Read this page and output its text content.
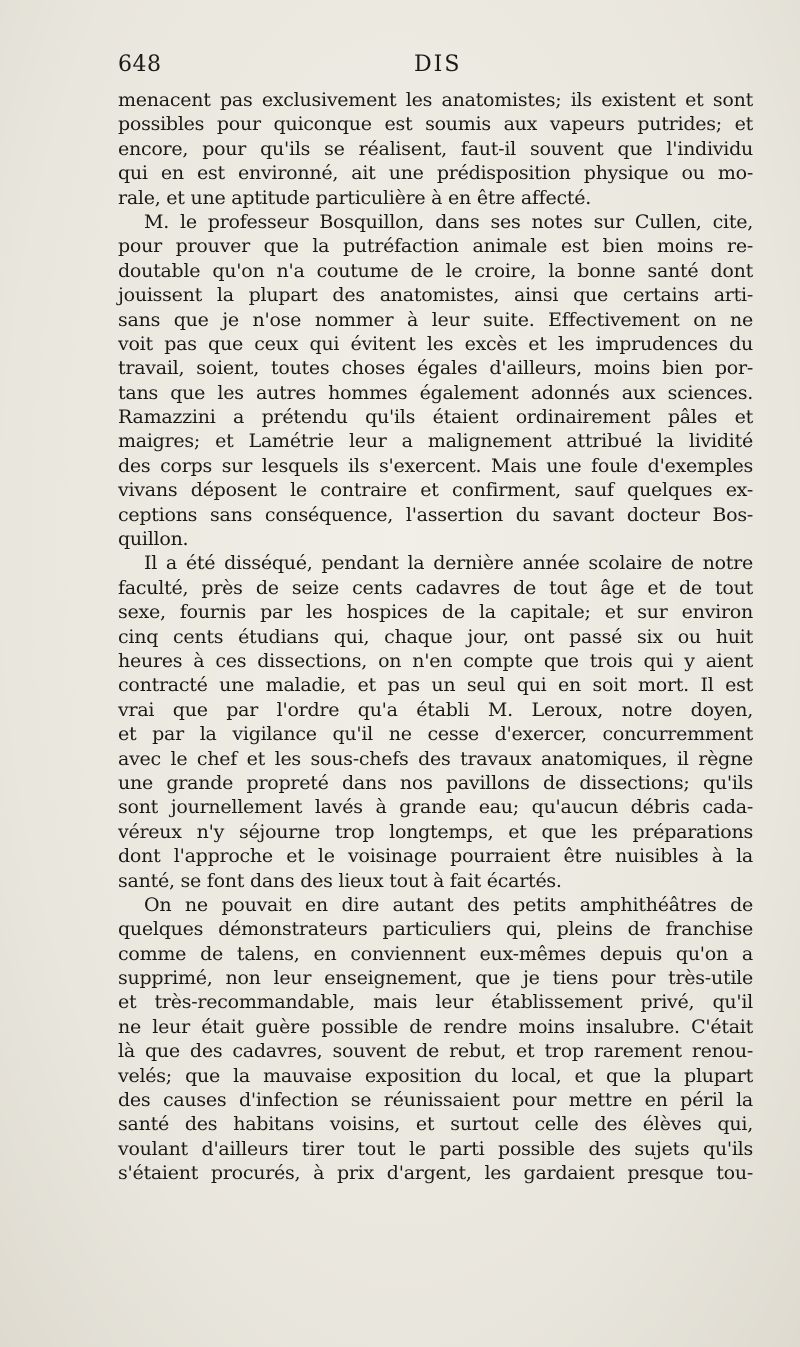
648	DIS
menacent pas exclusivement les anatomistes; ils existent et sont
possibles pour quiconque est soumis aux vapeurs putrides; et
encore, pour qu'ils se réalisent, faut-il souvent que l'individu
qui en est environné, ait une prédisposition physique ou mo-
rale, et une aptitude particulière à en être affecté.
M. le professeur Bosquillon, dans ses notes sur Cullen, cite,
pour prouver que la putréfaction animale est bien moins re-
doutable qu'on n'a coutume de le croire, la bonne santé dont
jouissent la plupart des anatomistes, ainsi que certains arti-
sans que je n'ose nommer à leur suite. Effectivement on ne
voit pas que ceux qui évitent les excès et les imprudences du
travail, soient, toutes choses égales d'ailleurs, moins bien por-
tans que les autres hommes également adonnés aux sciences.
Ramazzini a prétendu qu'ils étaient ordinairement pâles et
maigres; et Lamétrie leur a malignement attribué la lividité
des corps sur lesquels ils s'exercent. Mais une foule d'exemples
vivans déposent le contraire et confirment, sauf quelques ex-
ceptions sans conséquence, l'assertion du savant docteur Bos-
quillon.
Il a été disséqué, pendant la dernière année scolaire de notre
faculté, près de seize cents cadavres de tout âge et de tout
sexe, fournis par les hospices de la capitale; et sur environ
cinq cents étudians qui, chaque jour, ont passé six ou huit
heures à ces dissections, on n'en compte que trois qui y aient
contracté une maladie, et pas un seul qui en soit mort. Il est
vrai que par l'ordre qu'a établi M. Leroux, notre doyen,
et par la vigilance qu'il ne cesse d'exercer, concurremment
avec le chef et les sous-chefs des travaux anatomiques, il règne
une grande propreté dans nos pavillons de dissections; qu'ils
sont journellement lavés à grande eau; qu'aucun débris cada-
véreux n'y séjourne trop longtemps, et que les préparations
dont l'approche et le voisinage pourraient être nuisibles à la
santé, se font dans des lieux tout à fait écartés.
On ne pouvait en dire autant des petits amphithéâtres de
quelques démonstrateurs particuliers qui, pleins de franchise
comme de talens, en conviennent eux-mêmes depuis qu'on a
supprimé, non leur enseignement, que je tiens pour très-utile
et très-recommandable, mais leur établissement privé, qu'il
ne leur était guère possible de rendre moins insalubre. C'était
là que des cadavres, souvent de rebut, et trop rarement renou-
velés; que la mauvaise exposition du local, et que la plupart
des causes d'infection se réunissaient pour mettre en péril la
santé des habitans voisins, et surtout celle des élèves qui,
voulant d'ailleurs tirer tout le parti possible des sujets qu'ils
s'étaient procurés, à prix d'argent, les gardaient presque tou-
